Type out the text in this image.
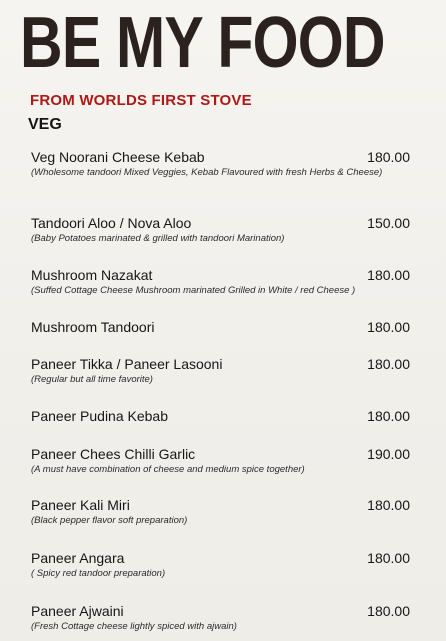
BE MY FOOD
FROM WORLDS FIRST STOVE
VEG
Veg Noorani Cheese Kebab	180.00
(Wholesome tandoori Mixed Veggies, Kebab Flavoured with fresh Herbs & Cheese)
Tandoori Aloo / Nova Aloo	150.00
(Baby Potatoes marinated & grilled with tandoori Marination)
Mushroom Nazakat	180.00
(Suffed Cottage Cheese Mushroom marinated Grilled in White / red Cheese )
Mushroom Tandoori	180.00
Paneer Tikka / Paneer Lasooni	180.00
(Regular but all time favorite)
Paneer Pudina Kebab	180.00
Paneer Chees Chilli Garlic	190.00
(A must have combination of cheese and medium spice together)
Paneer Kali Miri	180.00
(Black pepper flavor soft preparation)
Paneer Angara	180.00
( Spicy red tandoor preparation)
Paneer Ajwaini	180.00
(Fresh Cottage cheese lightly spiced with ajwain)
